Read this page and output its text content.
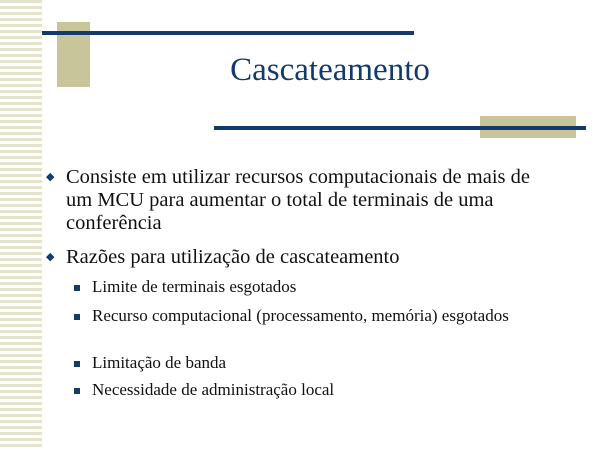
Cascateamento
◆ Consiste em utilizar recursos computacionais de mais de um MCU para aumentar o total de terminais de uma conferência
◆ Razões para utilização de cascateamento
Limite de terminais esgotados
Recurso computacional (processamento, memória) esgotados
Limitação de banda
Necessidade de administração local
